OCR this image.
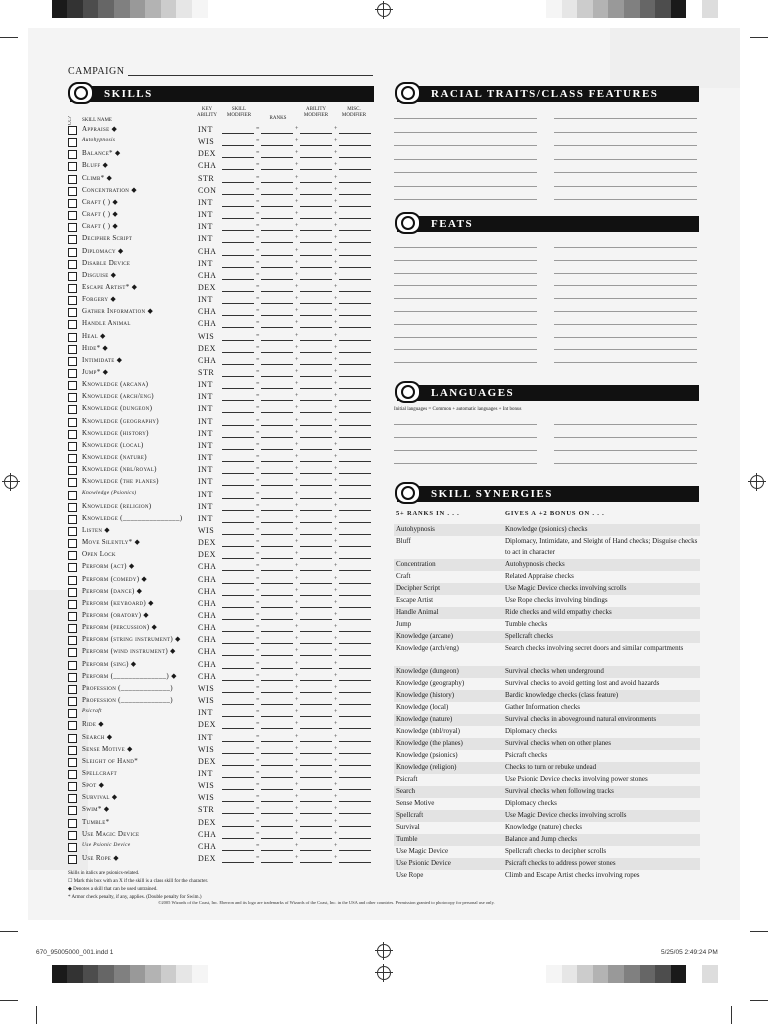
CAMPAIGN
SKILLS
CC?	SKILL NAME
KEY ABILITY
SKILL MODIFIER
RANKS
ABILITY MODIFIER
MISC. MODIFIER
Appraise ◆	INT	=	+	+
Autohypnosis	WIS	=	+	+
Balance* ◆	DEX	=	+	+
Bluff ◆	CHA	=	+	+
Climb* ◆	STR	=	+	+
Concentration ◆	CON	=	+	+
Craft ( ) ◆	INT	=	+	+
Craft ( ) ◆	INT	=	+	+
Craft ( ) ◆	INT	=	+	+
Decipher Script	INT	=	+	+
Diplomacy ◆	CHA	=	+	+
Disable Device	INT	=	+	+
Disguise ◆	CHA	=	+	+
Escape Artist* ◆	DEX	=	+	+
Forgery ◆	INT	=	+	+
Gather Information ◆	CHA	=	+	+
Handle Animal	CHA	=	+	+
Heal ◆	WIS	=	+	+
Hide* ◆	DEX	=	+	+
Intimidate ◆	CHA	=	+	+
Jump* ◆	STR	=	+	+
Knowledge (arcana)	INT	=	+	+
Knowledge (arch/eng)	INT	=	+	+
Knowledge (dungeon)	INT	=	+	+
Knowledge (geography)	INT	=	+	+
Knowledge (history)	INT	=	+	+
Knowledge (local)	INT	=	+	+
Knowledge (nature)	INT	=	+	+
Knowledge (nbl/royal)	INT	=	+	+
Knowledge (the planes)	INT	=	+	+
Knowledge (Psionics)	INT	=	+	+
Knowledge (religion)	INT	=	+	+
Knowledge (_______________) INT	=	+	+
Listen ◆	WIS	=	+	+
Move Silently* ◆	DEX	=	+	+
Open Lock	DEX	=	+	+
Perform (act) ◆	CHA	=	+	+
Perform (comedy) ◆	CHA	=	+	+
Perform (dance) ◆	CHA	=	+	+
Perform (keyboard) ◆	CHA	=	+	+
Perform (oratory) ◆	CHA	=	+	+
Perform (percussion) ◆	CHA	=	+	+
Perform (string instrument) ◆ CHA	=	+	+
Perform (wind instrument) ◆	CHA	=	+	+
Perform (sing) ◆	CHA	=	+	+
Perform (______________) ◆	CHA	=	+	+
Profession (_____________)	WIS	=	+	+
Profession (_____________)	WIS	=	+	+
Psicraft	INT	=	+	+
Ride ◆	DEX	=	+	+
Search ◆	INT	=	+	+
Sense Motive ◆	WIS	=	+	+
Sleight of Hand*	DEX	=	+	+
Spellcraft	INT	=	+	+
Spot ◆	WIS	=	+	+
Survival ◆	WIS	=	+	+
Swim* ◆	STR	=	+	+
Tumble*	DEX	=	+	+
Use Magic Device	CHA	=	+	+
Use Psionic Device	CHA	=	+	+
Use Rope ◆	DEX	=	+	+
Skills in italics are psionics-related.
☐ Mark this box with an X if the skill is a class skill for the character.
◆ Denotes a skill that can be used untrained.
* Armor check penalty, if any, applies. (Double penalty for Swim.)
RACIAL TRAITS/CLASS FEATURES
FEATS
LANGUAGES
Initial languages = Common + automatic languages + Int bonus
SKILL SYNERGIES
5+ RANKS IN . . .	GIVES A +2 BONUS ON . . .
Autohypnosis	Knowledge (psionics) checks
Bluff	Diplomacy, Intimidate, and Sleight of Hand checks; Disguise checks to act in character
Concentration	Autohypnosis checks
Craft	Related Appraise checks
Decipher Script	Use Magic Device checks involving scrolls
Escape Artist	Use Rope checks involving bindings
Handle Animal	Ride checks and wild empathy checks
Jump	Tumble checks
Knowledge (arcane)	Spellcraft checks
Knowledge (arch/eng)	Search checks involving secret doors and similar compartments
Knowledge (dungeon)	Survival checks when underground
Knowledge (geography)	Survival checks to avoid getting lost and avoid hazards
Knowledge (history)	Bardic knowledge checks (class feature)
Knowledge (local)	Gather Information checks
Knowledge (nature)	Survival checks in aboveground natural environments
Knowledge (nbl/royal)	Diplomacy checks
Knowledge (the planes)	Survival checks when on other planes
Knowledge (psionics)	Psicraft checks
Knowledge (religion)	Checks to turn or rebuke undead
Psicraft	Use Psionic Device checks involving power stones
Search	Survival checks when following tracks
Sense Motive	Diplomacy checks
Spellcraft	Use Magic Device checks involving scrolls
Survival	Knowledge (nature) checks
Tumble	Balance and Jump checks
Use Magic Device	Spellcraft checks to decipher scrolls
Use Psionic Device	Psicraft checks to address power stones
Use Rope	Climb and Escape Artist checks involving ropes
©2005 Wizards of the Coast, Inc. Eberron and its logo are trademarks of Wizards of the Coast, Inc. in the USA and other countries. Permission granted to photocopy for personal use only.
670_95005000_001.indd 1	5/25/05 2:49:24 PM
